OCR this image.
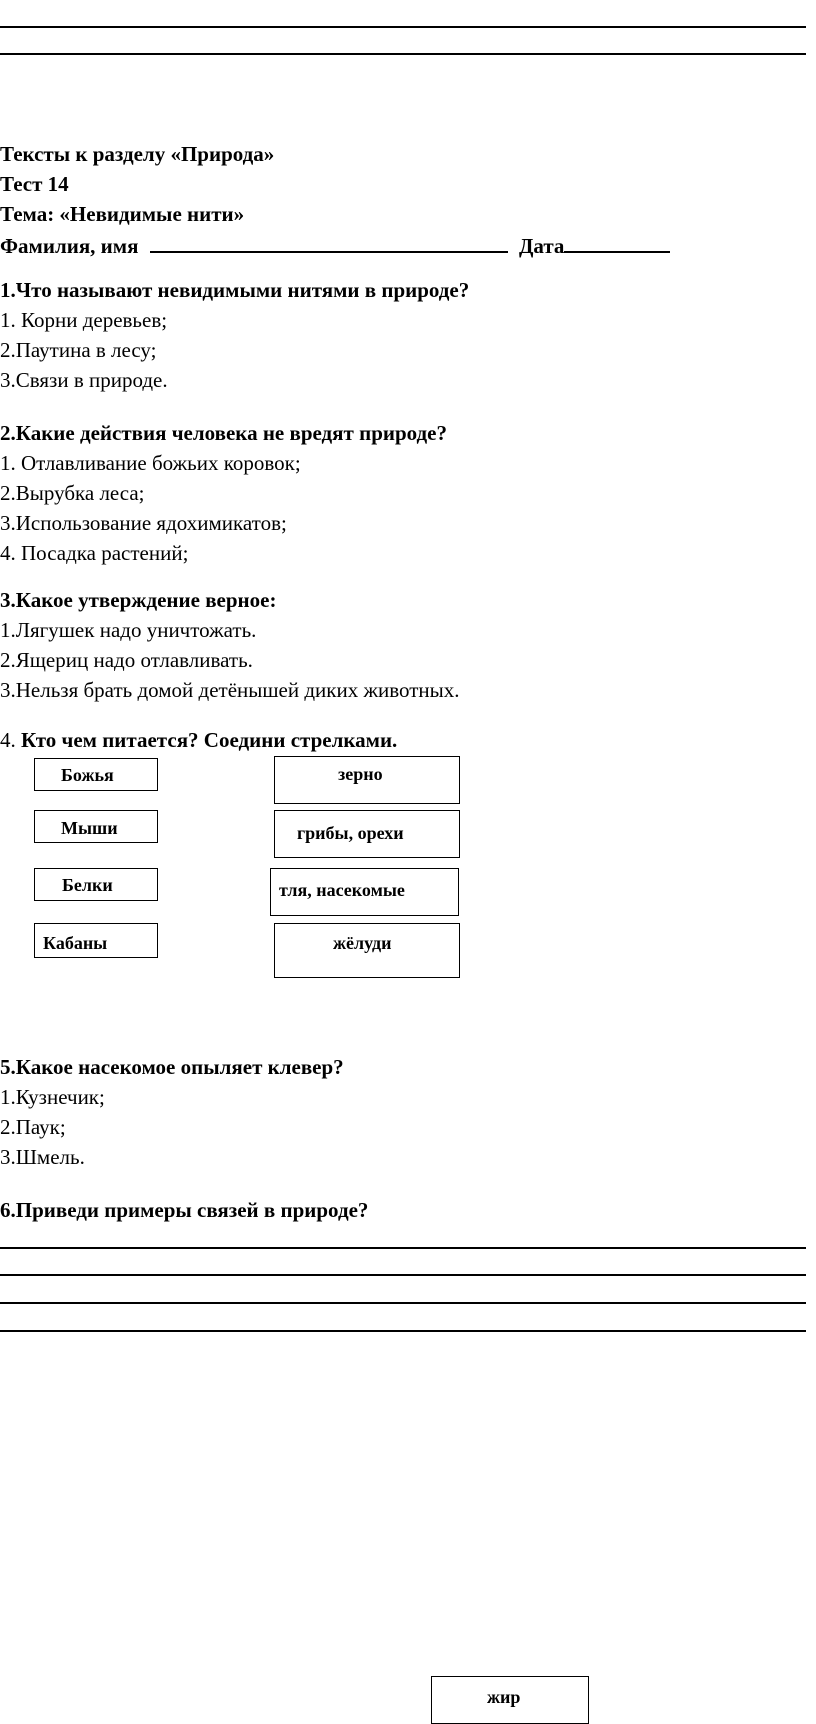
Тексты к разделу «Природа»
Тест 14
Тема: «Невидимые нити»
Фамилия, имя	Дата
1.Что называют невидимыми нитями в природе?
1. Корни деревьев;
2.Паутина в лесу;
3.Связи в природе.
2.Какие действия человека не вредят природе?
1. Отлавливание божьих коровок;
2.Вырубка леса;
3.Использование ядохимикатов;
4. Посадка растений;
3.Какое утверждение верное:
1.Лягушек надо уничтожать.
2.Ящериц надо отлавливать.
3.Нельзя брать домой детёнышей диких животных.
4. Кто чем питается? Соедини стрелками.
Божья
Мыши
Белки
Кабаны
зерно
грибы, орехи
тля, насекомые
жёлуди
5.Какое насекомое опыляет клевер?
1.Кузнечик;
2.Паук;
3.Шмель.
6.Приведи примеры связей в природе?
жир
